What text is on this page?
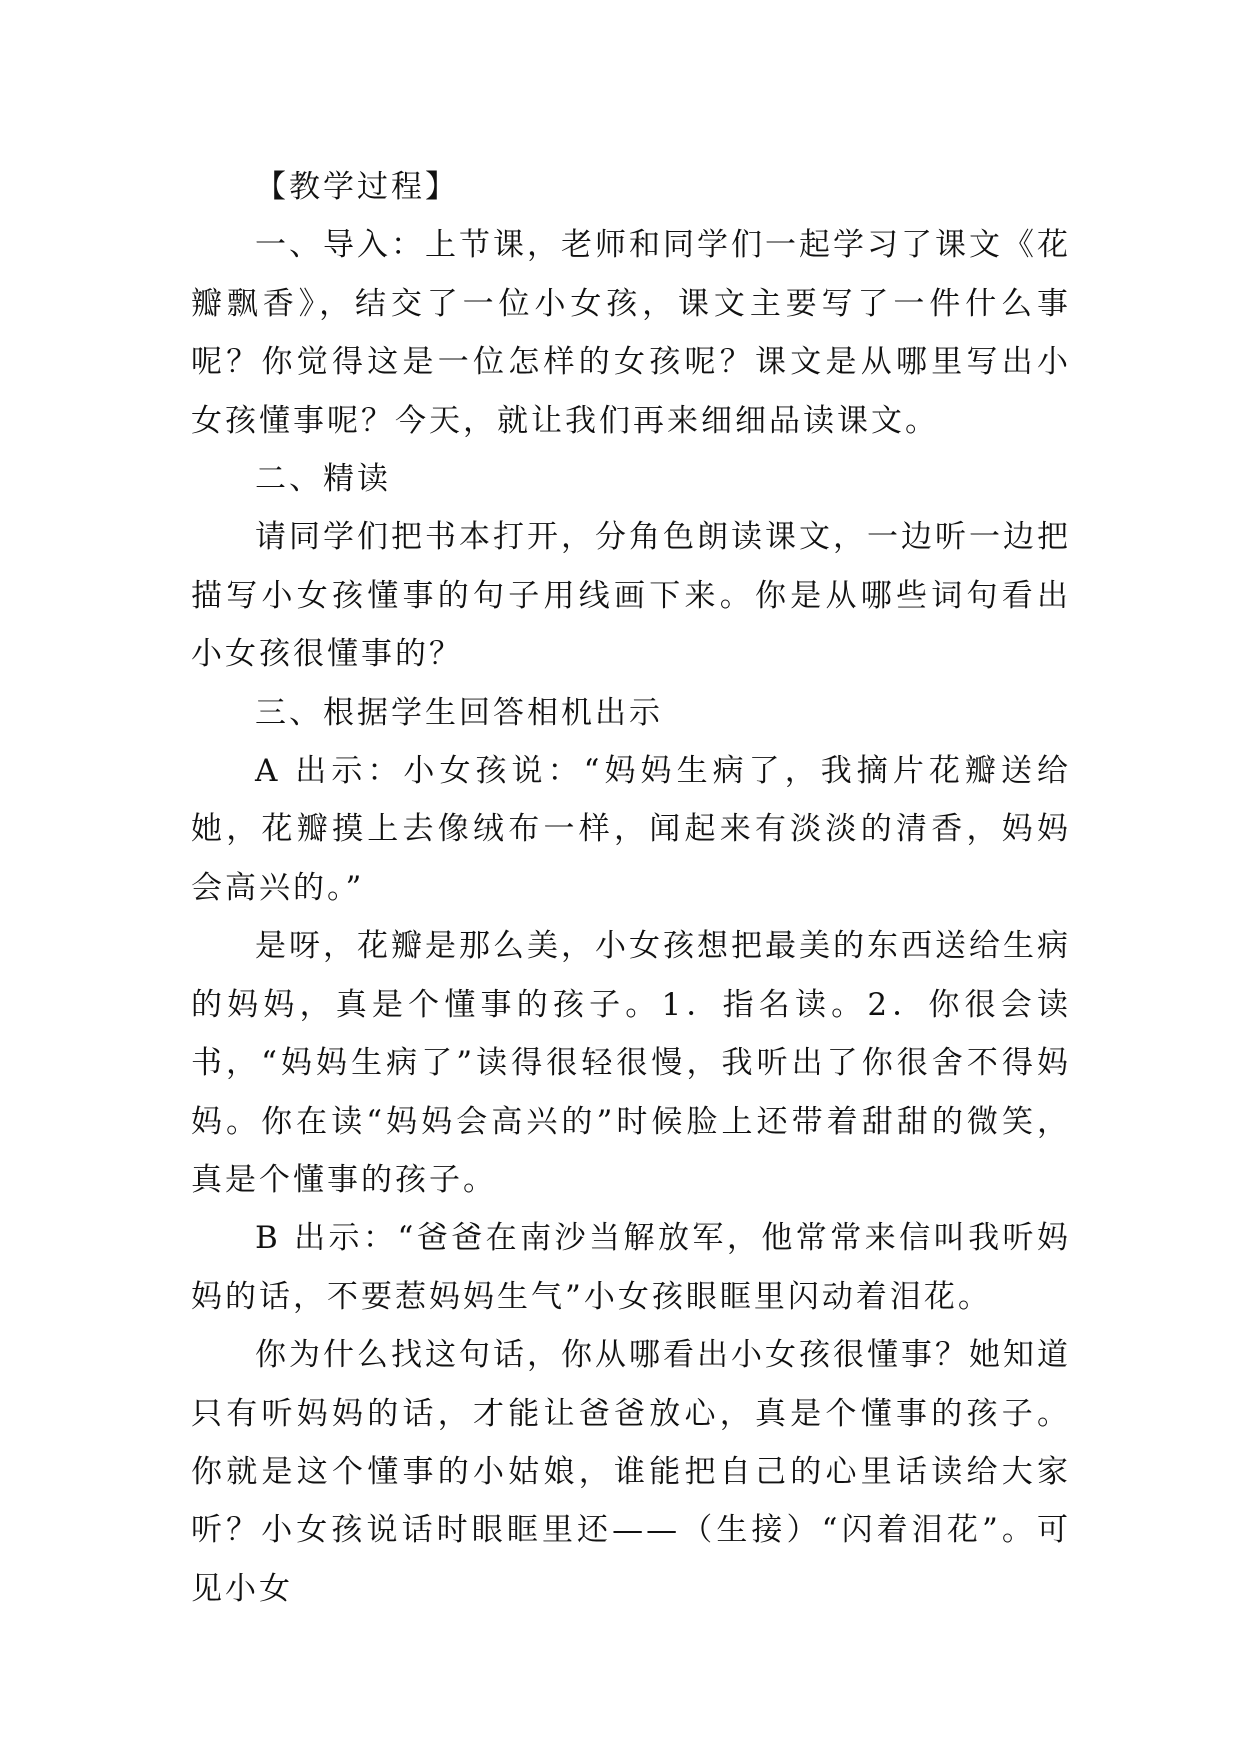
【教学过程】

一、导入：上节课，老师和同学们一起学习了课文《花瓣飘香》，结交了一位小女孩，课文主要写了一件什么事呢？你觉得这是一位怎样的女孩呢？课文是从哪里写出小女孩懂事呢？今天，就让我们再来细细品读课文。

二、精读

请同学们把书本打开，分角色朗读课文，一边听一边把描写小女孩懂事的句子用线画下来。你是从哪些词句看出小女孩很懂事的？

三、根据学生回答相机出示

A 出示：小女孩说：“妈妈生病了，我摘片花瓣送给她，花瓣摸上去像绒布一样，闻起来有淡淡的清香，妈妈会高兴的。”

是呀，花瓣是那么美，小女孩想把最美的东西送给生病的妈妈，真是个懂事的孩子。1．指名读。2．你很会读书，“妈妈生病了”读得很轻很慢，我听出了你很舍不得妈妈。你在读“妈妈会高兴的”时候脸上还带着甜甜的微笑，真是个懂事的孩子。

B 出示：“爸爸在南沙当解放军，他常常来信叫我听妈妈的话，不要惹妈妈生气”小女孩眼眶里闪动着泪花。

你为什么找这句话，你从哪看出小女孩很懂事？她知道只有听妈妈的话，才能让爸爸放心，真是个懂事的孩子。你就是这个懂事的小姑娘，谁能把自己的心里话读给大家听？小女孩说话时眼眶里还——（生接）“闪着泪花”。可见小女
